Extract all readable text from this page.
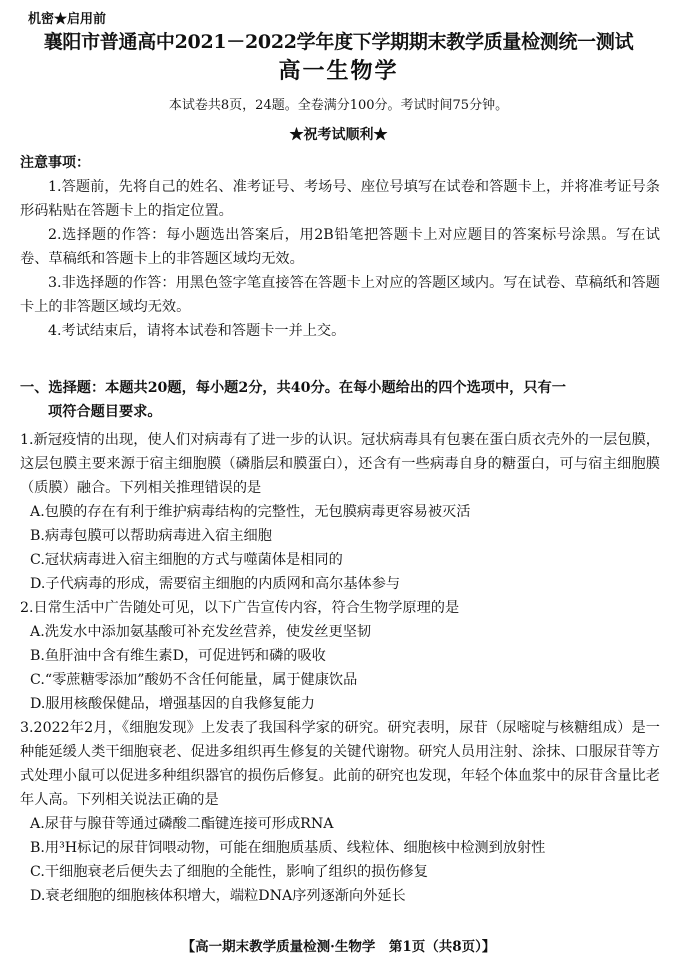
机密★启用前
襄阳市普通高中2021－2022学年度下学期期末教学质量检测统一测试
高一生物学
本试卷共8页，24题。全卷满分100分。考试时间75分钟。
★祝考试顺利★
注意事项：
1.答题前，先将自己的姓名、准考证号、考场号、座位号填写在试卷和答题卡上，并将准考证号条形码粘贴在答题卡上的指定位置。
2.选择题的作答：每小题选出答案后，用2B铅笔把答题卡上对应题目的答案标号涂黑。写在试卷、草稿纸和答题卡上的非答题区域均无效。
3.非选择题的作答：用黑色签字笔直接答在答题卡上对应的答题区域内。写在试卷、草稿纸和答题卡上的非答题区域均无效。
4.考试结束后，请将本试卷和答题卡一并上交。
一、选择题：本题共20题，每小题2分，共40分。在每小题给出的四个选项中，只有一
项符合题目要求。
1.新冠疫情的出现，使人们对病毒有了进一步的认识。冠状病毒具有包裹在蛋白质衣壳外的一层包膜，这层包膜主要来源于宿主细胞膜（磷脂层和膜蛋白），还含有一些病毒自身的糖蛋白，可与宿主细胞膜（质膜）融合。下列相关推理错误的是
A.包膜的存在有利于维护病毒结构的完整性，无包膜病毒更容易被灭活
B.病毒包膜可以帮助病毒进入宿主细胞
C.冠状病毒进入宿主细胞的方式与噬菌体是相同的
D.子代病毒的形成，需要宿主细胞的内质网和高尔基体参与
2.日常生活中广告随处可见，以下广告宣传内容，符合生物学原理的是
A.洗发水中添加氨基酸可补充发丝营养，使发丝更坚韧
B.鱼肝油中含有维生素D，可促进钙和磷的吸收
C.“零蔗糖零添加”酸奶不含任何能量，属于健康饮品
D.服用核酸保健品，增强基因的自我修复能力
3.2022年2月，《细胞发现》上发表了我国科学家的研究。研究表明，尿苷（尿嘧啶与核糖组成）是一种能延缓人类干细胞衰老、促进多组织再生修复的关键代谢物。研究人员用注射、涂抹、口服尿苷等方式处理小鼠可以促进多种组织器官的损伤后修复。此前的研究也发现，年轻个体血浆中的尿苷含量比老年人高。下列相关说法正确的是
A.尿苷与腺苷等通过磷酸二酯键连接可形成RNA
B.用³H标记的尿苷饲喂动物，可能在细胞质基质、线粒体、细胞核中检测到放射性
C.干细胞衰老后便失去了细胞的全能性，影响了组织的损伤修复
D.衰老细胞的细胞核体积增大，端粒DNA序列逐渐向外延长
【高一期末教学质量检测·生物学　第1页（共8页）】
